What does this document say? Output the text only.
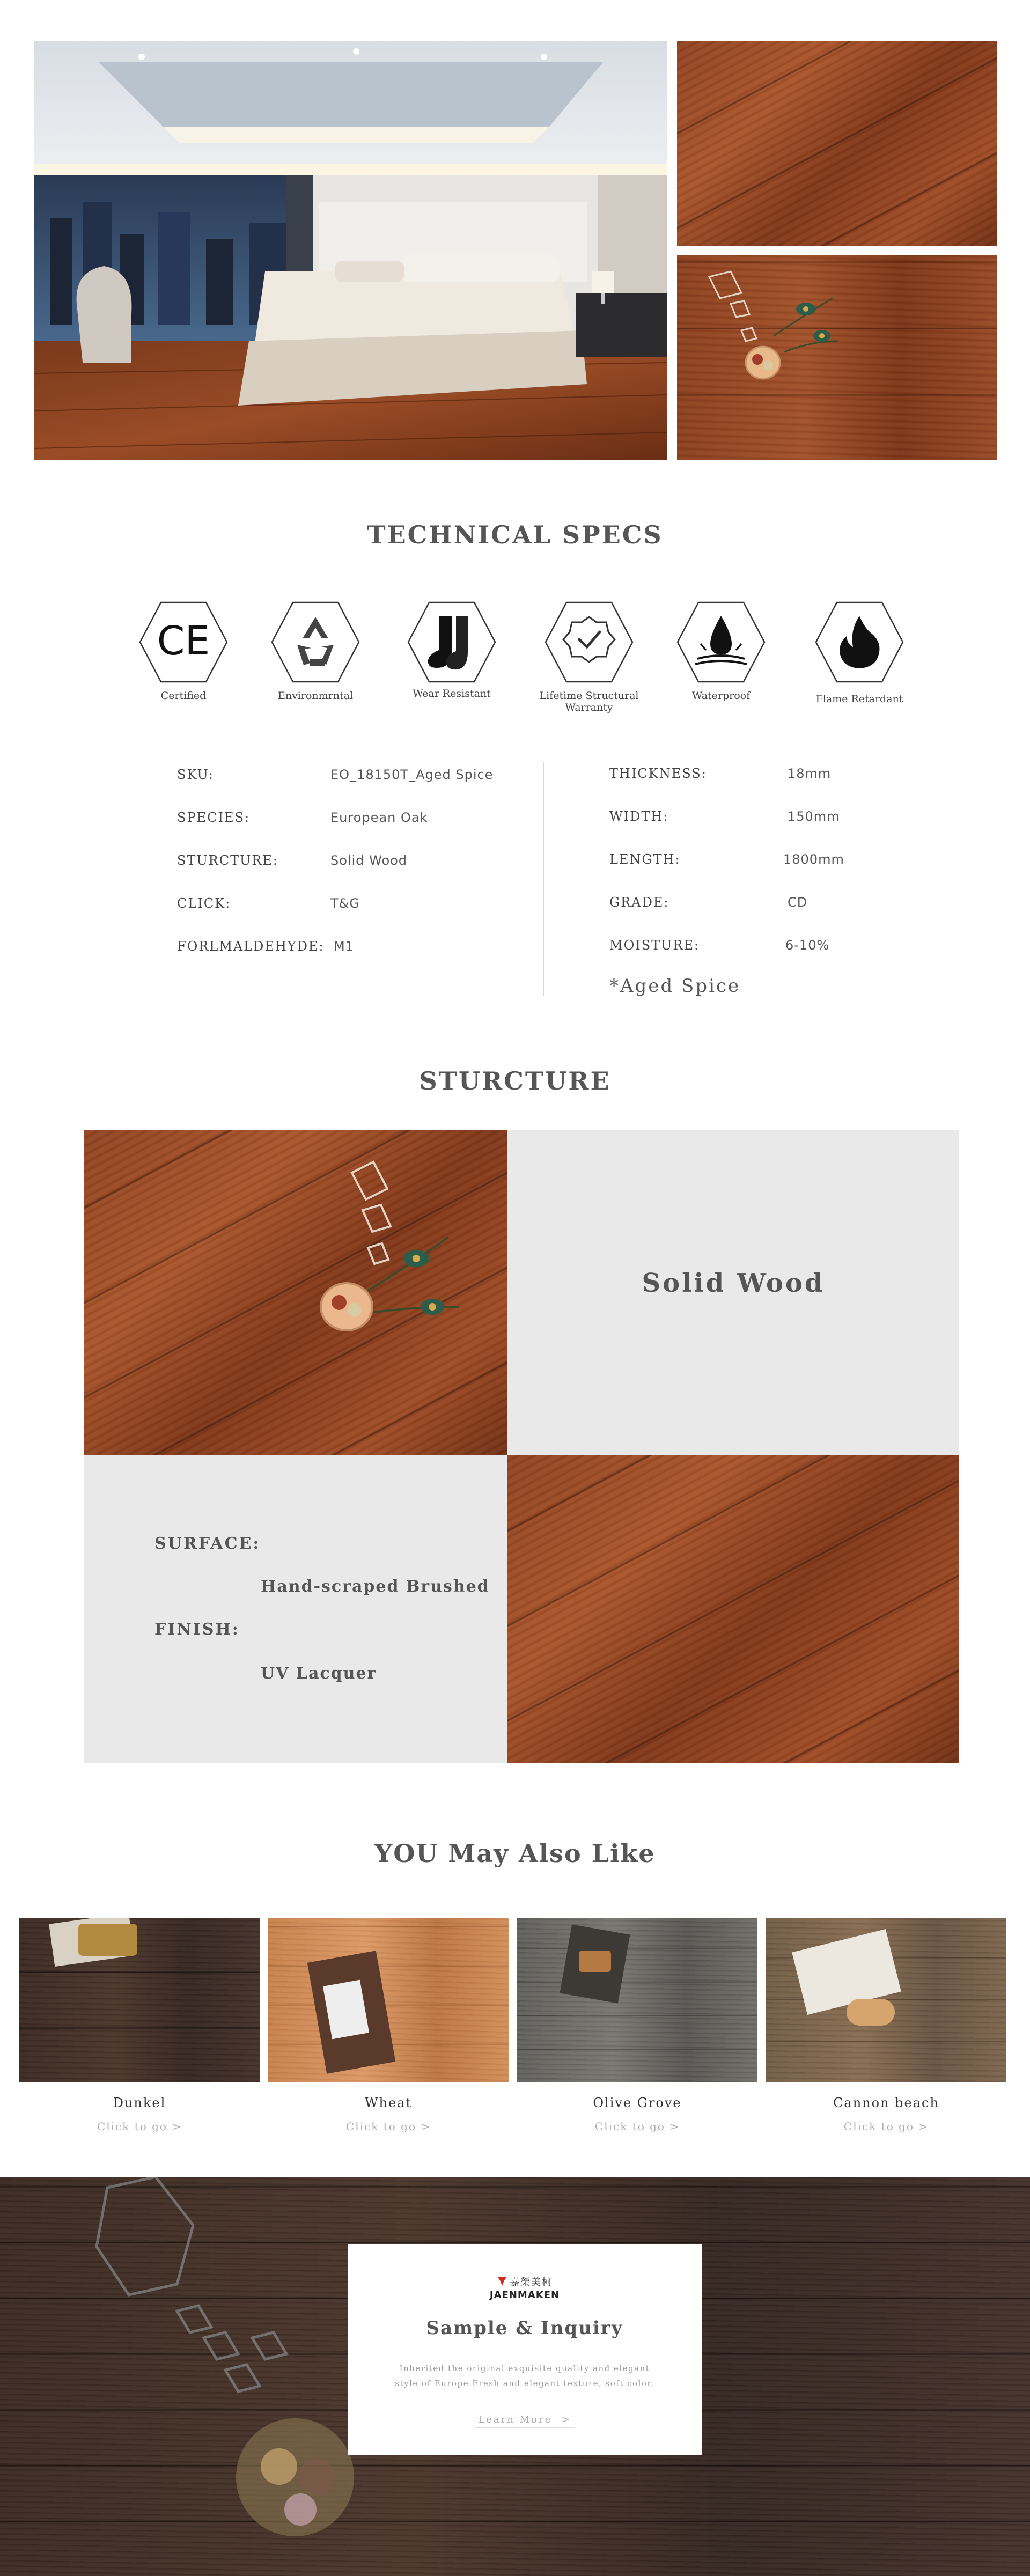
TECHNICAL SPECS
CE
Certified	Environmrntal	Wear Resistant	Lifetime Structural Warranty
Waterproof	Flame Retardant
SKU:	EO_18150T_Aged Spice
SPECIES:	European Oak
STURCTURE:	Solid Wood
CLICK:	T&G
FORLMALDEHYDE: M1
THICKNESS:	18mm
WIDTH:	150mm
LENGTH:	1800mm
GRADE:	CD
MOISTURE:	6-10%
*Aged Spice
STURCTURE
Solid Wood
SURFACE:
Hand-scraped Brushed
FINISH:
UV Lacquer
YOU May Also Like
Dunkel
Click to go >
Wheat
Click to go >
Olive Grove
Click to go >
Cannon beach
Click to go >
嘉榮美柯
JAENMAKEN
Sample & Inquiry
Inherited the original exquisite quality and elegant
style of Europe.Fresh and elegant texture, soft color.
Learn More  >
